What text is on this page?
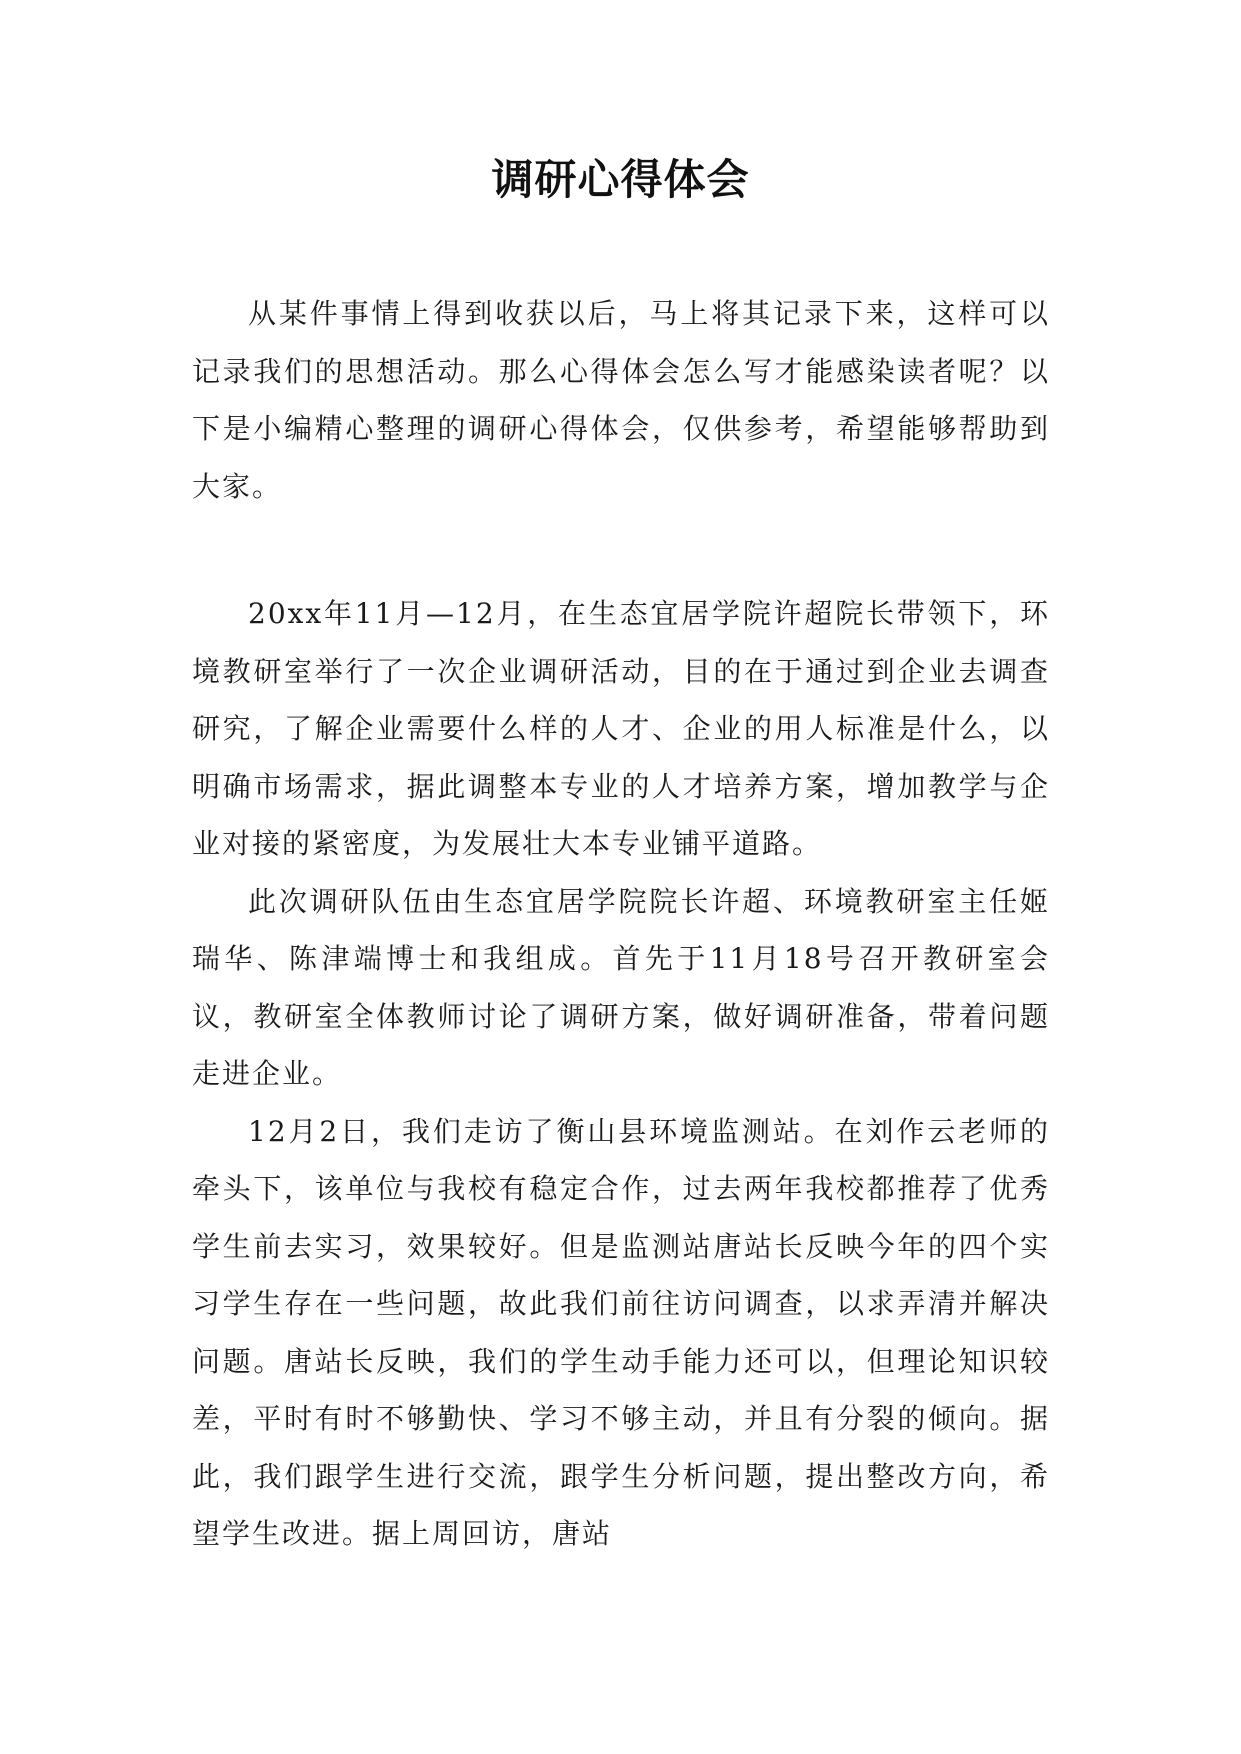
调研心得体会

从某件事情上得到收获以后，马上将其记录下来，这样可以记录我们的思想活动。那么心得体会怎么写才能感染读者呢？以下是小编精心整理的调研心得体会，仅供参考，希望能够帮助到大家。

20xx年11月—12月，在生态宜居学院许超院长带领下，环境教研室举行了一次企业调研活动，目的在于通过到企业去调查研究，了解企业需要什么样的人才、企业的用人标准是什么，以明确市场需求，据此调整本专业的人才培养方案，增加教学与企业对接的紧密度，为发展壮大本专业铺平道路。

此次调研队伍由生态宜居学院院长许超、环境教研室主任姬瑞华、陈津端博士和我组成。首先于11月18号召开教研室会议，教研室全体教师讨论了调研方案，做好调研准备，带着问题走进企业。

12月2日，我们走访了衡山县环境监测站。在刘作云老师的牵头下，该单位与我校有稳定合作，过去两年我校都推荐了优秀学生前去实习，效果较好。但是监测站唐站长反映今年的四个实习学生存在一些问题，故此我们前往访问调查，以求弄清并解决问题。唐站长反映，我们的学生动手能力还可以，但理论知识较差，平时有时不够勤快、学习不够主动，并且有分裂的倾向。据此，我们跟学生进行交流，跟学生分析问题，提出整改方向，希望学生改进。据上周回访，唐站
